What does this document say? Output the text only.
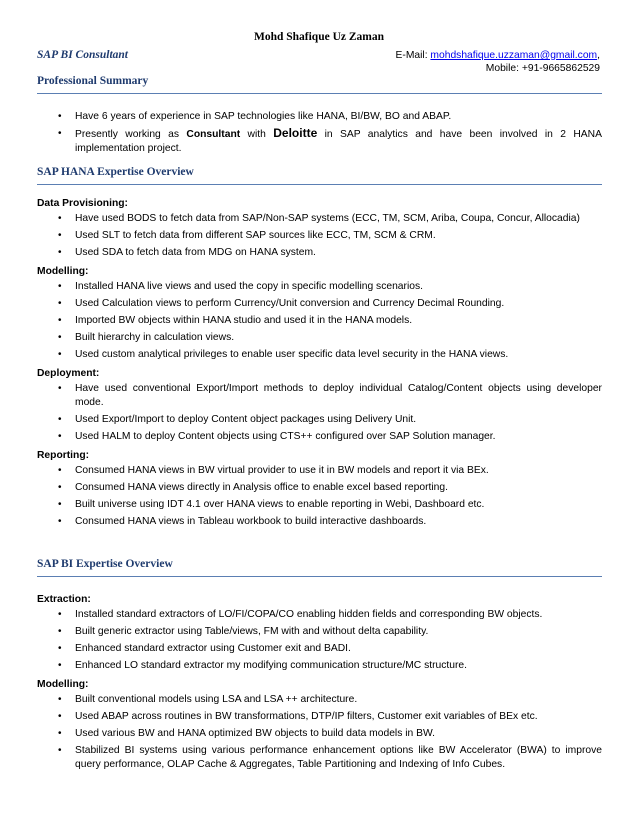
Mohd Shafique Uz Zaman
SAP BI Consultant	E-Mail: mohdshafique.uzzaman@gmail.com,
Mobile: +91-9665862529
Professional Summary
• Have 6 years of experience in SAP technologies like HANA, BI/BW, BO and ABAP.
• Presently working as Consultant with Deloitte in SAP analytics and have been involved in 2 HANA implementation project.
SAP HANA Expertise Overview
Data Provisioning:
• Have used BODS to fetch data from SAP/Non-SAP systems (ECC, TM, SCM, Ariba, Coupa, Concur, Allocadia)
• Used SLT to fetch data from different SAP sources like ECC, TM, SCM & CRM.
• Used SDA to fetch data from MDG on HANA system.
Modelling:
• Installed HANA live views and used the copy in specific modelling scenarios.
• Used Calculation views to perform Currency/Unit conversion and Currency Decimal Rounding.
• Imported BW objects within HANA studio and used it in the HANA models.
• Built hierarchy in calculation views.
• Used custom analytical privileges to enable user specific data level security in the HANA views.
Deployment:
• Have used conventional Export/Import methods to deploy individual Catalog/Content objects using developer mode.
• Used Export/Import to deploy Content object packages using Delivery Unit.
• Used HALM to deploy Content objects using CTS++ configured over SAP Solution manager.
Reporting:
• Consumed HANA views in BW virtual provider to use it in BW models and report it via BEx.
• Consumed HANA views directly in Analysis office to enable excel based reporting.
• Built universe using IDT 4.1 over HANA views to enable reporting in Webi, Dashboard etc.
• Consumed HANA views in Tableau workbook to build interactive dashboards.
SAP BI Expertise Overview
Extraction:
• Installed standard extractors of LO/FI/COPA/CO enabling hidden fields and corresponding BW objects.
• Built generic extractor using Table/views, FM with and without delta capability.
• Enhanced standard extractor using Customer exit and BADI.
• Enhanced LO standard extractor my modifying communication structure/MC structure.
Modelling:
• Built conventional models using LSA and LSA ++ architecture.
• Used ABAP across routines in BW transformations, DTP/IP filters, Customer exit variables of BEx etc.
• Used various BW and HANA optimized BW objects to build data models in BW.
• Stabilized BI systems using various performance enhancement options like BW Accelerator (BWA) to improve query performance, OLAP Cache & Aggregates, Table Partitioning and Indexing of Info Cubes.
